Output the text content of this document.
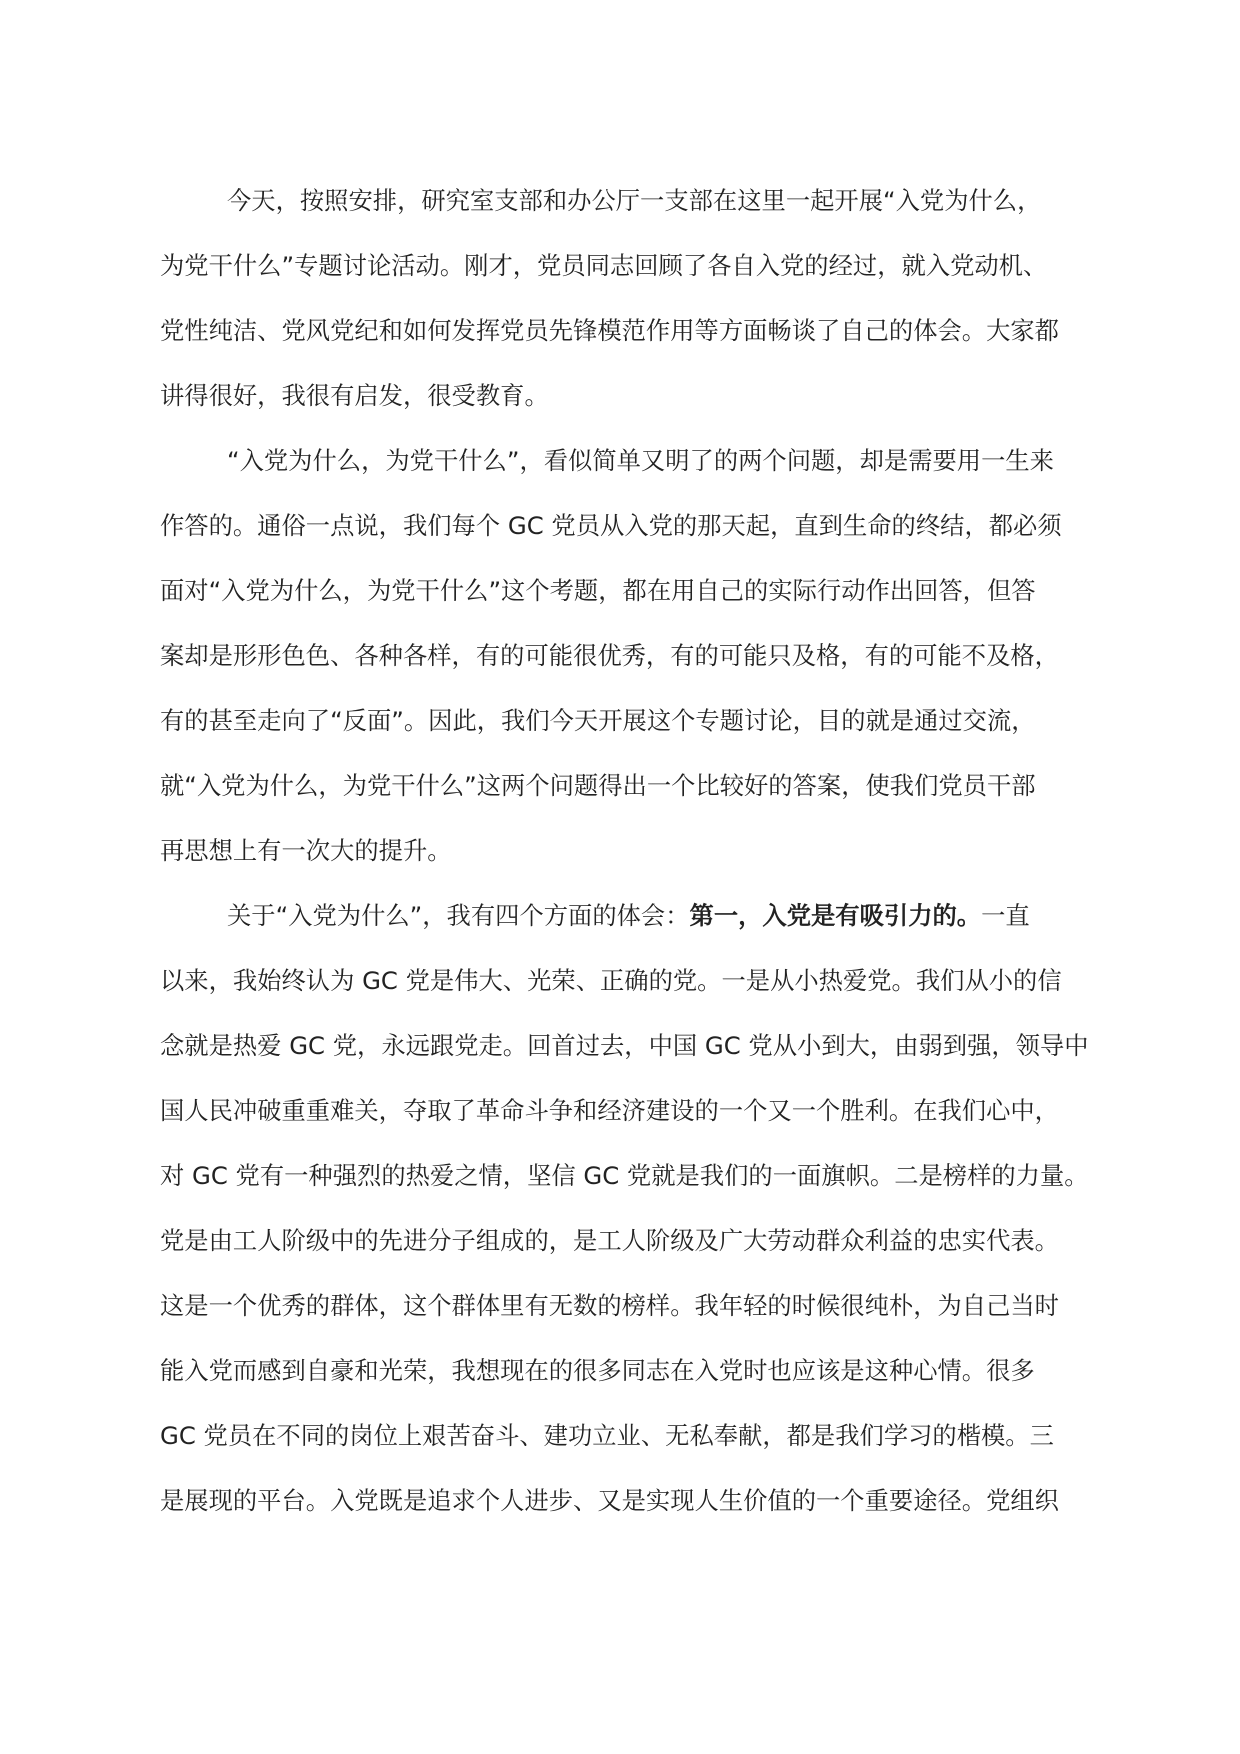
今天，按照安排，研究室支部和办公厅一支部在这里一起开展“入党为什么，
为党干什么”专题讨论活动。刚才，党员同志回顾了各自入党的经过，就入党动机、
党性纯洁、党风党纪和如何发挥党员先锋模范作用等方面畅谈了自己的体会。大家都
讲得很好，我很有启发，很受教育。

“入党为什么，为党干什么”，看似简单又明了的两个问题，却是需要用一生来
作答的。通俗一点说，我们每个 GC 党员从入党的那天起，直到生命的终结，都必须
面对“入党为什么，为党干什么”这个考题，都在用自己的实际行动作出回答，但答
案却是形形色色、各种各样，有的可能很优秀，有的可能只及格，有的可能不及格，
有的甚至走向了“反面”。因此，我们今天开展这个专题讨论，目的就是通过交流，
就“入党为什么，为党干什么”这两个问题得出一个比较好的答案，使我们党员干部
再思想上有一次大的提升。

关于“入党为什么”，我有四个方面的体会：第一，入党是有吸引力的。一直
以来，我始终认为 GC 党是伟大、光荣、正确的党。一是从小热爱党。我们从小的信
念就是热爱 GC 党，永远跟党走。回首过去，中国 GC 党从小到大，由弱到强，领导中
国人民冲破重重难关，夺取了革命斗争和经济建设的一个又一个胜利。在我们心中，
对 GC 党有一种强烈的热爱之情，坚信 GC 党就是我们的一面旗帜。二是榜样的力量。
党是由工人阶级中的先进分子组成的，是工人阶级及广大劳动群众利益的忠实代表。
这是一个优秀的群体，这个群体里有无数的榜样。我年轻的时候很纯朴，为自己当时
能入党而感到自豪和光荣，我想现在的很多同志在入党时也应该是这种心情。很多
GC 党员在不同的岗位上艰苦奋斗、建功立业、无私奉献，都是我们学习的楷模。三
是展现的平台。入党既是追求个人进步、又是实现人生价值的一个重要途径。党组织
